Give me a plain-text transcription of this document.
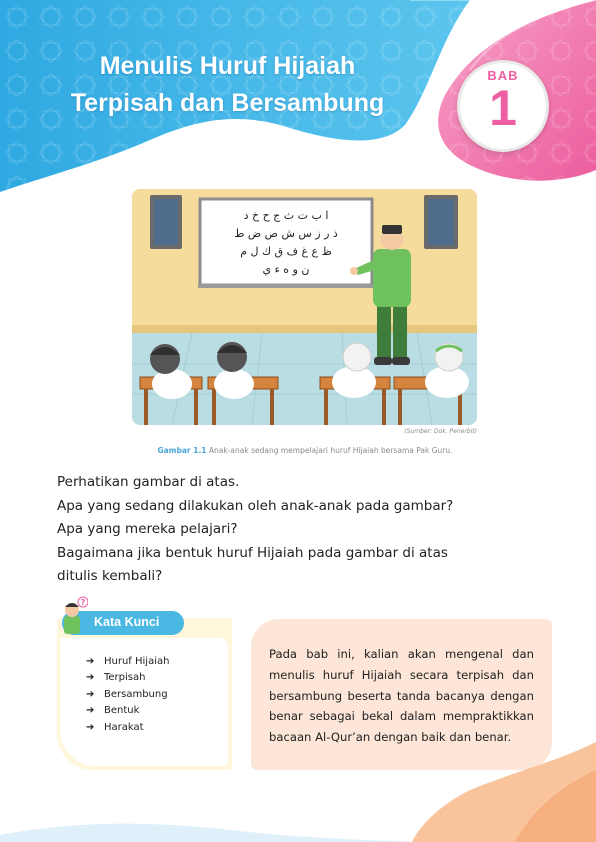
Menulis Huruf Hijaiah
Terpisah dan Bersambung
BAB
1
ا ب ت ث ج ح خ د
ذ ر ز س ش ص ض ط
ظ ع غ ف ق ك ل م
ن و ه ء ي
(Sumber: Dok. Penerbit)
Gambar 1.1 Anak-anak sedang mempelajari huruf Hijaiah bersama Pak Guru.

Perhatikan gambar di atas.

Apa yang sedang dilakukan oleh anak-anak pada gambar?

Apa yang mereka pelajari?

Bagaimana jika bentuk huruf Hijaiah pada gambar di atas

ditulis kembali?

?
Kata Kunci
➔ Huruf Hijaiah
➔ Terpisah
➔ Bersambung
➔ Bentuk
➔ Harakat
Pada bab ini, kalian akan mengenal dan menulis huruf Hijaiah secara terpisah dan bersambung beserta tanda bacanya dengan benar sebagai bekal dalam mempraktikkan bacaan Al-Qur’an dengan baik dan benar.
